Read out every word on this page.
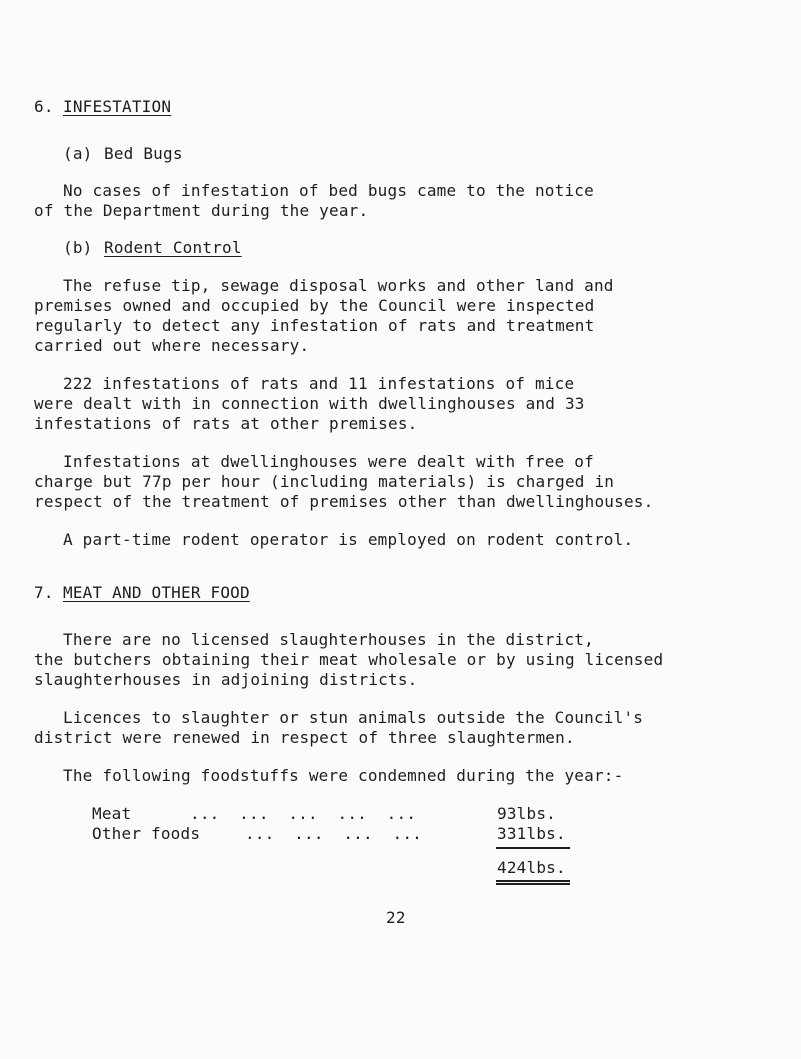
6. INFESTATION
(a) Bed Bugs
No cases of infestation of bed bugs came to the notice
of the Department during the year.
(b) Rodent Control
The refuse tip, sewage disposal works and other land and
premises owned and occupied by the Council were inspected
regularly to detect any infestation of rats and treatment
carried out where necessary.
222 infestations of rats and 11 infestations of mice
were dealt with in connection with dwellinghouses and 33
infestations of rats at other premises.
Infestations at dwellinghouses were dealt with free of
charge but 77p per hour (including materials) is charged in
respect of the treatment of premises other than dwellinghouses.
A part-time rodent operator is employed on rodent control.
7. MEAT AND OTHER FOOD
There are no licensed slaughterhouses in the district,
the butchers obtaining their meat wholesale or by using licensed
slaughterhouses in adjoining districts.
Licences to slaughter or stun animals outside the Council's
district were renewed in respect of three slaughtermen.
The following foodstuffs were condemned during the year:-
Meat	...  ...  ...  ...  ...	93lbs.
Other foods	...  ...  ...  ...	331lbs.
424lbs.
22
